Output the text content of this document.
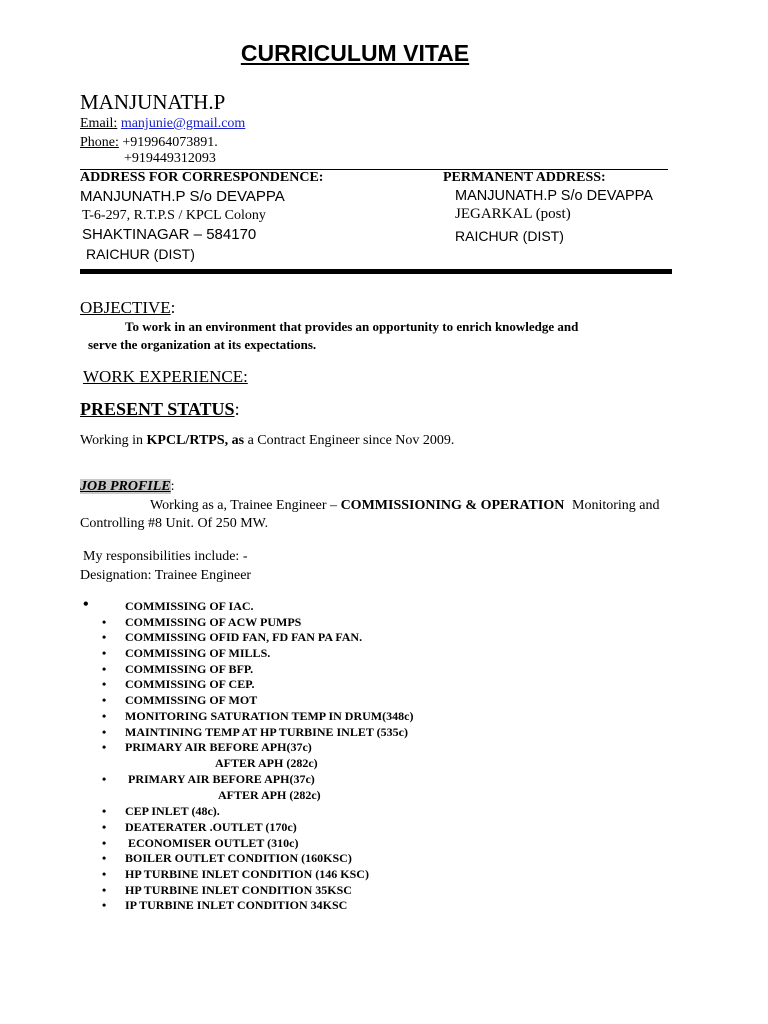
CURRICULUM VITAE
MANJUNATH.P
Email: manjunie@gmail.com
Phone: +919964073891.
+919449312093
ADDRESS FOR CORRESPONDENCE:	PERMANENT ADDRESS:
MANJUNATH.P S/o DEVAPPA
T-6-297, R.T.P.S / KPCL Colony
SHAKTINAGAR – 584170
RAICHUR (DIST)
MANJUNATH.P S/o DEVAPPA
JEGARKAL (post)
RAICHUR (DIST)
OBJECTIVE:
To work in an environment that provides an opportunity to enrich knowledge and
serve the organization at its expectations.
WORK EXPERIENCE:
PRESENT STATUS:
Working in KPCL/RTPS, as a Contract Engineer since Nov 2009.
JOB PROFILE:
Working as a, Trainee Engineer – COMMISSIONING & OPERATION Monitoring and
Controlling #8 Unit. Of 250 MW.
My responsibilities include: -
Designation: Trainee Engineer
•	COMMISSING OF IAC.
• COMMISSING OF ACW PUMPS
• COMMISSING OFID FAN, FD FAN PA FAN.
• COMMISSING OF MILLS.
• COMMISSING OF BFP.
• COMMISSING OF CEP.
• COMMISSING OF MOT
• MONITORING SATURATION TEMP IN DRUM(348c)
• MAINTINING TEMP AT HP TURBINE INLET (535c)
• PRIMARY AIR BEFORE APH(37c)
AFTER APH (282c)
• PRIMARY AIR BEFORE APH(37c)
AFTER APH (282c)
• CEP INLET (48c).
• DEATERATER .OUTLET (170c)
• ECONOMISER OUTLET (310c)
• BOILER OUTLET CONDITION (160KSC)
• HP TURBINE INLET CONDITION (146 KSC)
• HP TURBINE INLET CONDITION 35KSC
• IP TURBINE INLET CONDITION 34KSC
